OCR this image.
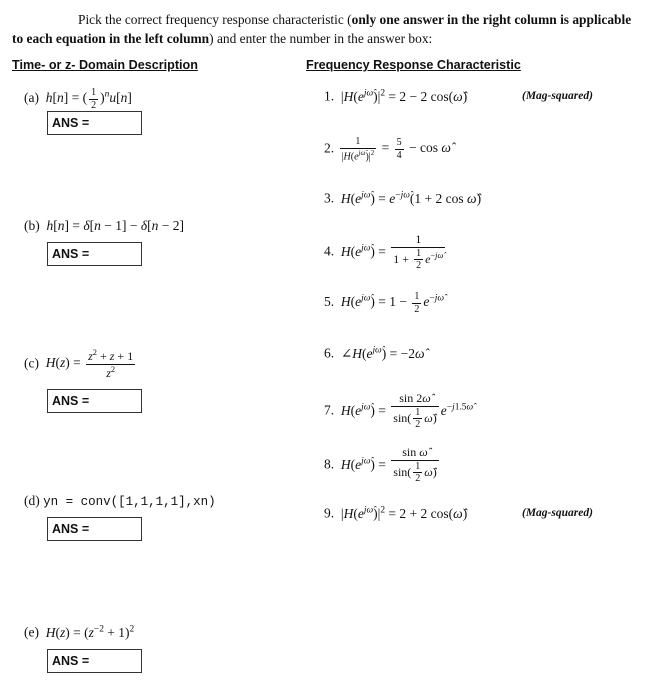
Pick the correct frequency response characteristic (only one answer in the right column is applicable to each equation in the left column) and enter the number in the answer box:
Time- or z- Domain Description	Frequency Response Characteristic
(a) h[n] = ( $\frac{1}{2} )^nu[n]$
ANS =
(b) h[n] = δ[n − 1] − δ[n − 2]
ANS =
(c) $H(z) = \frac{z^2 + z + 1}{z^2}$
ANS =
(d) yn = conv([1,1,1,1],xn)
ANS =
(e) $H(z) = (z^{-2} + 1)^2$
ANS =
1.  $|H(e^{j\omegâ})|^2 = 2 - 2$ cos(ω̂)	(Mag-squared)
2. $\frac{1}{|H(e^{j\omegâ})|^2} = \frac{5}{4} - \cos$ ω̂
3. $H(e^{j\omegâ}) = e^{-j\omegâ}(1 + 2$ cos ω̂)
4. $H(e^{j\omegâ}) = \frac{1}{1 + \frac{1}{2} e^{-j\omegâ}}$
5. $H(e^{j\omegâ}) = 1 - \frac{1}{2} e^{-j\omegâ}$
6.  $\angle H(e^{j\omegâ})$ = −2ω̂
7. $H(e^{j\omegâ}) = \frac{\sin 2\omegâ}{\sin( \frac{1}{2} \omegâ)} e^{-j1.5\omegâ}$
8. $H(e^{j\omegâ}) = \frac{\text{sin ω̂}}{\sin( \frac{1}{2} \omegâ)}$
9.  $|H(e^{j\omegâ})|^2 = 2 + 2$ cos(ω̂)	(Mag-squared)
